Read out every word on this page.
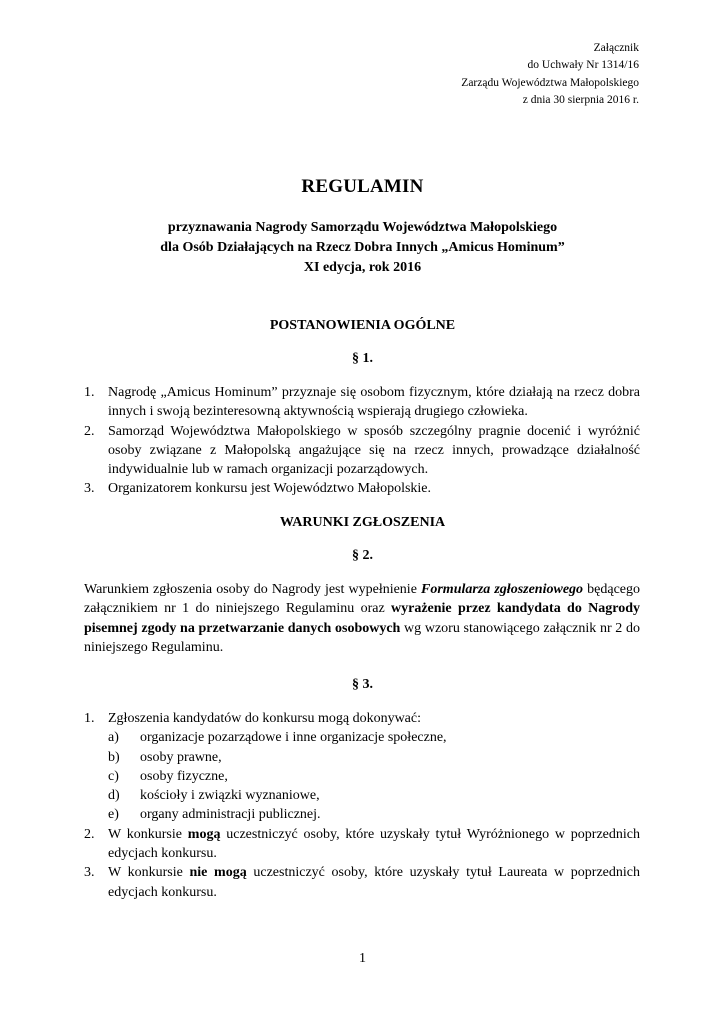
Załącznik
do Uchwały Nr 1314/16
Zarządu Województwa Małopolskiego
z dnia 30 sierpnia 2016 r.
REGULAMIN
przyznawania Nagrody Samorządu Województwa Małopolskiego
dla Osób Działających na Rzecz Dobra Innych „Amicus Hominum”
XI edycja, rok 2016
POSTANOWIENIA OGÓLNE
§ 1.
1. Nagrodę „Amicus Hominum” przyznaje się osobom fizycznym, które działają na rzecz dobra innych i swoją bezinteresowną aktywnością wspierają drugiego człowieka.
2. Samorząd Województwa Małopolskiego w sposób szczególny pragnie docenić i wyróżnić osoby związane z Małopolską angażujące się na rzecz innych, prowadzące działalność indywidualnie lub w ramach organizacji pozarządowych.
3. Organizatorem konkursu jest Województwo Małopolskie.
WARUNKI ZGŁOSZENIA
§ 2.

Warunkiem zgłoszenia osoby do Nagrody jest wypełnienie Formularza zgłoszeniowego będącego załącznikiem nr 1 do niniejszego Regulaminu oraz wyrażenie przez kandydata do Nagrody pisemnej zgody na przetwarzanie danych osobowych wg wzoru stanowiącego załącznik nr 2 do niniejszego Regulaminu.

§ 3.
1. Zgłoszenia kandydatów do konkursu mogą dokonywać:
a) organizacje pozarządowe i inne organizacje społeczne,
b) osoby prawne,
c) osoby fizyczne,
d) kościoły i związki wyznaniowe,
e) organy administracji publicznej.
2. W konkursie mogą uczestniczyć osoby, które uzyskały tytuł Wyróżnionego w poprzednich edycjach konkursu.
3. W konkursie nie mogą uczestniczyć osoby, które uzyskały tytuł Laureata w poprzednich edycjach konkursu.
1
